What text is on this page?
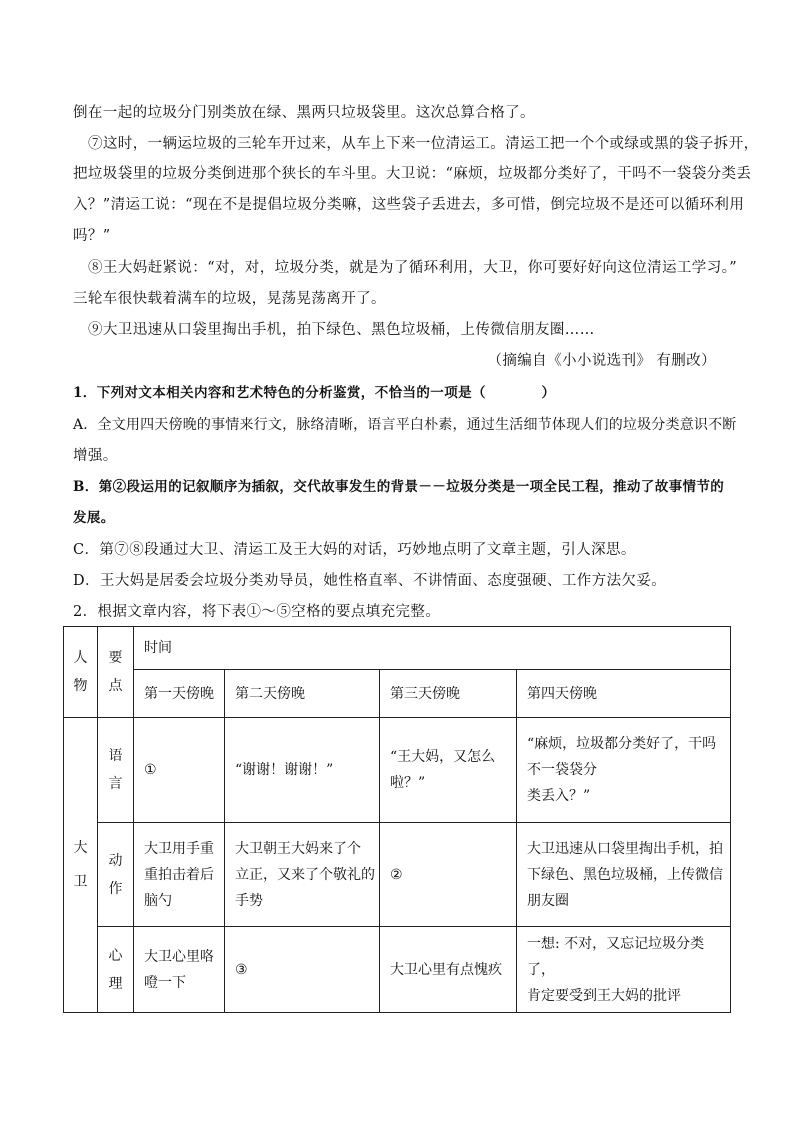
倒在一起的垃圾分门别类放在绿、黑两只垃圾袋里。这次总算合格了。
⑦这时，一辆运垃圾的三轮车开过来，从车上下来一位清运工。清运工把一个个或绿或黑的袋子拆开，
把垃圾袋里的垃圾分类倒进那个狭长的车斗里。大卫说：“麻烦，垃圾都分类好了，干吗不一袋袋分类丢
入？”清运工说：“现在不是提倡垃圾分类嘛，这些袋子丢进去，多可惜，倒完垃圾不是还可以循环利用
吗？”
⑧王大妈赶紧说：“对，对，垃圾分类，就是为了循环利用，大卫，你可要好好向这位清运工学习。”
三轮车很快载着满车的垃圾，晃荡晃荡离开了。
⑨大卫迅速从口袋里掏出手机，拍下绿色、黑色垃圾桶，上传微信朋友圈……
（摘编自《小小说选刊》 有删改）
1．下列对文本相关内容和艺术特色的分析鉴赏，不恰当的一项是（　　　　）
A．全文用四天傍晚的事情来行文，脉络清晰，语言平白朴素，通过生活细节体现人们的垃圾分类意识不断
增强。
B．第②段运用的记叙顺序为插叙，交代故事发生的背景－－垃圾分类是一项全民工程，推动了故事情节的
发展。
C．第⑦⑧段通过大卫、清运工及王大妈的对话，巧妙地点明了文章主题，引人深思。
D．王大妈是居委会垃圾分类劝导员，她性格直率、不讲情面、态度强硬、工作方法欠妥。
2．根据文章内容，将下表①～⑤空格的要点填充完整。
人
物	要
点	时间			
		第一天傍晚	第二天傍晚	第三天傍晚	第四天傍晚
大
卫	语
言	①	“谢谢！谢谢！”	“王大妈，又怎么
啦？”	“麻烦，垃圾都分类好了，干吗
不一袋袋分
类丢入？”
	动
作	大卫用手重
重拍击着后
脑勺	大卫朝王大妈来了个
立正，又来了个敬礼的
手势	②	大卫迅速从口袋里掏出手机，拍
下绿色、黑色垃圾桶，上传微信
朋友圈
	心
理	大卫心里咯
噔一下	③	大卫心里有点愧疚	一想: 不对，又忘记垃圾分类了，
肯定要受到王大妈的批评
